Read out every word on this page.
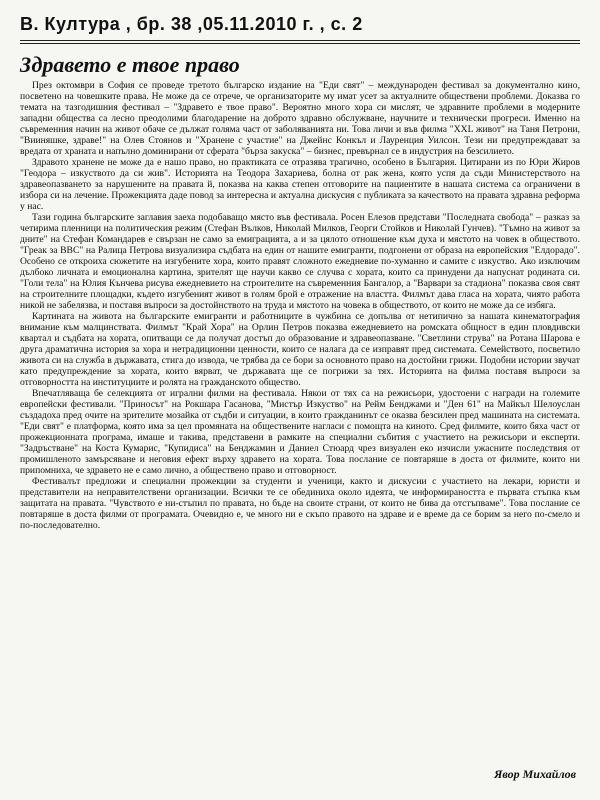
В. Култура , бр. 38 ,05.11.2010 г. , с. 2
Здравето е твое право

През октомври в София се проведе третото българско издание на "Еди свят" – международен фестивал за документално кино, посветено на човешките права. Не може да се отрече, че организаторите му имат усет за актуалните обществени проблеми. Доказва го темата на тазгодишния фестивал – "Здравето е твое право". Вероятно много хора си мислят, че здравните проблеми в модерните западни общества са лесно преодолими благодарение на доброто здравно обслужване, научните и технически прогреси. Именно на съвременния начин на живот обаче се дължат голяма част от заболяванията ни. Това личи и във филма "XXL живот" на Таня Петрони, "Вииняшке, здраве!" на Олев Стоянов и "Хранене с участие" на Джейнс Конкъл и Лауренция Уилсон. Тези ни предупреждават за вредата от храната и напълно доминирани от сферата "бърза закуска" – бизнес, превърнал се в индустрия на безсилието.

Здравото хранене не може да е нашо право, но практиката се отразява трагично, особено в България. Цитирани из по Юри Жиров "Геодора – изкуството да си жив". Историята на Теодора Захариева, болна от рак жена, която успя да съди Министерството на здравеопазването за нарушените на правата й, показва на каква степен отговорите на пациентите в нашата система са ограничени в избора си на лечение. Прожекцията даде повод за интересна и актуална дискусия с публиката за качеството на правата здравна реформа у нас.

Тази година българските заглавия заеха подобаващо място във фестивала. Росен Елезов представи "Последната свобода" – разказ за четирима пленници на политическия режим (Стефан Вълков, Николай Милков, Георги Стойков и Николай Гунчев). "Тъмно на живот за дните" на Стефан Командарев е свързан не само за емиграцията, а и за цялото отношение към духа и мястото на човек в обществото. "Греак за ВВС" на Ралица Петрова визуализира съдбата на един от нашите емигранти, подгонени от образа на европейския "Елдорадо". Особено се откроиха сюжетите на изгубените хора, които правят сложното ежедневие по-хуманно и самите с изкуство. Ако изключим дълбоко личната и емоционална картина, зрителят ще научи какво се случва с хората, които са принудени да напуснат родината си. "Голи тела" на Юлия Кънчева рисува ежедневието на строителите на съвременния Бангалор, а "Варвари за стадиона" показва своя свят на строителните площадки, където изгубеният живот в голям брой е отражение на властта. Филмът дава гласа на хората, чиято работа никой не забелязва, и поставя въпроси за достойнството на труда и мястото на човека в обществото, от които не може да се избяга.

Картината на живота на българските емигранти и работниците в чужбина се допълва от нетипично за нашата кинематография внимание към малцинствата. Филмът "Край Хора" на Орлин Петров показва ежедневието на ромската общност в един пловдивски квартал и съдбата на хората, опитващи се да получат достъп до образование и здравеопазване. "Светлини струва" на Ротана Шарова е друга драматична история за хора и нетрадиционни ценности, които се налага да се изправят пред системата. Семейството, посветило живота си на служба в държавата, стига до извода, че трябва да се бори за основното право на достойни грижи. Подобни истории звучат като предупреждение за хората, които вярват, че държавата ще се погрижи за тях. Историята на филма поставя въпроси за отговорността на институциите и ролята на гражданското общество.

Впечатляваща бе селекцията от игрални филми на фестивала. Някои от тях са на режисьори, удостоени с награди на големите европейски фестивали. "Приносът" на Рокшара Гасанова, "Мистър Изкуство" на Рейм Бенджами и "Ден 61" на Майкъл Шелоуслан създадоха пред очите на зрителите мозайка от съдби и ситуации, в които гражданинът се оказва безсилен пред машината на системата. "Еди свят" е платформа, която има за цел промяната на обществените нагласи с помощта на киното. Сред филмите, които бяха част от прожекционната програма, имаше и такива, представени в рамките на специални събития с участието на режисьори и експерти. "Задръстване" на Коста Кумарис, "Купидиса" на Бенджамин и Даниел Стюард чрез визуален еко изчисли ужасните последствия от промишленото замърсяване и неговия ефект върху здравето на хората. Това послание се повтаряше в доста от филмите, които ни припомниха, че здравето не е само лично, а обществено право и отговорност.

Фестивалът предложи и специални прожекции за студенти и ученици, както и дискусии с участието на лекари, юристи и представители на неправителствени организации. Всички те се обединиха около идеята, че информираността е първата стъпка към защитата на правата. "Чувството е ни-стъпил по правата, но бъде на своите страни, от които не бива да отстъпваме". Това послание се повтаряше в доста филми от програмата. Очевидно е, че много ни е скъпо правото на здраве и е време да се борим за него по-смело и по-последователно.

Явор Михайлов
